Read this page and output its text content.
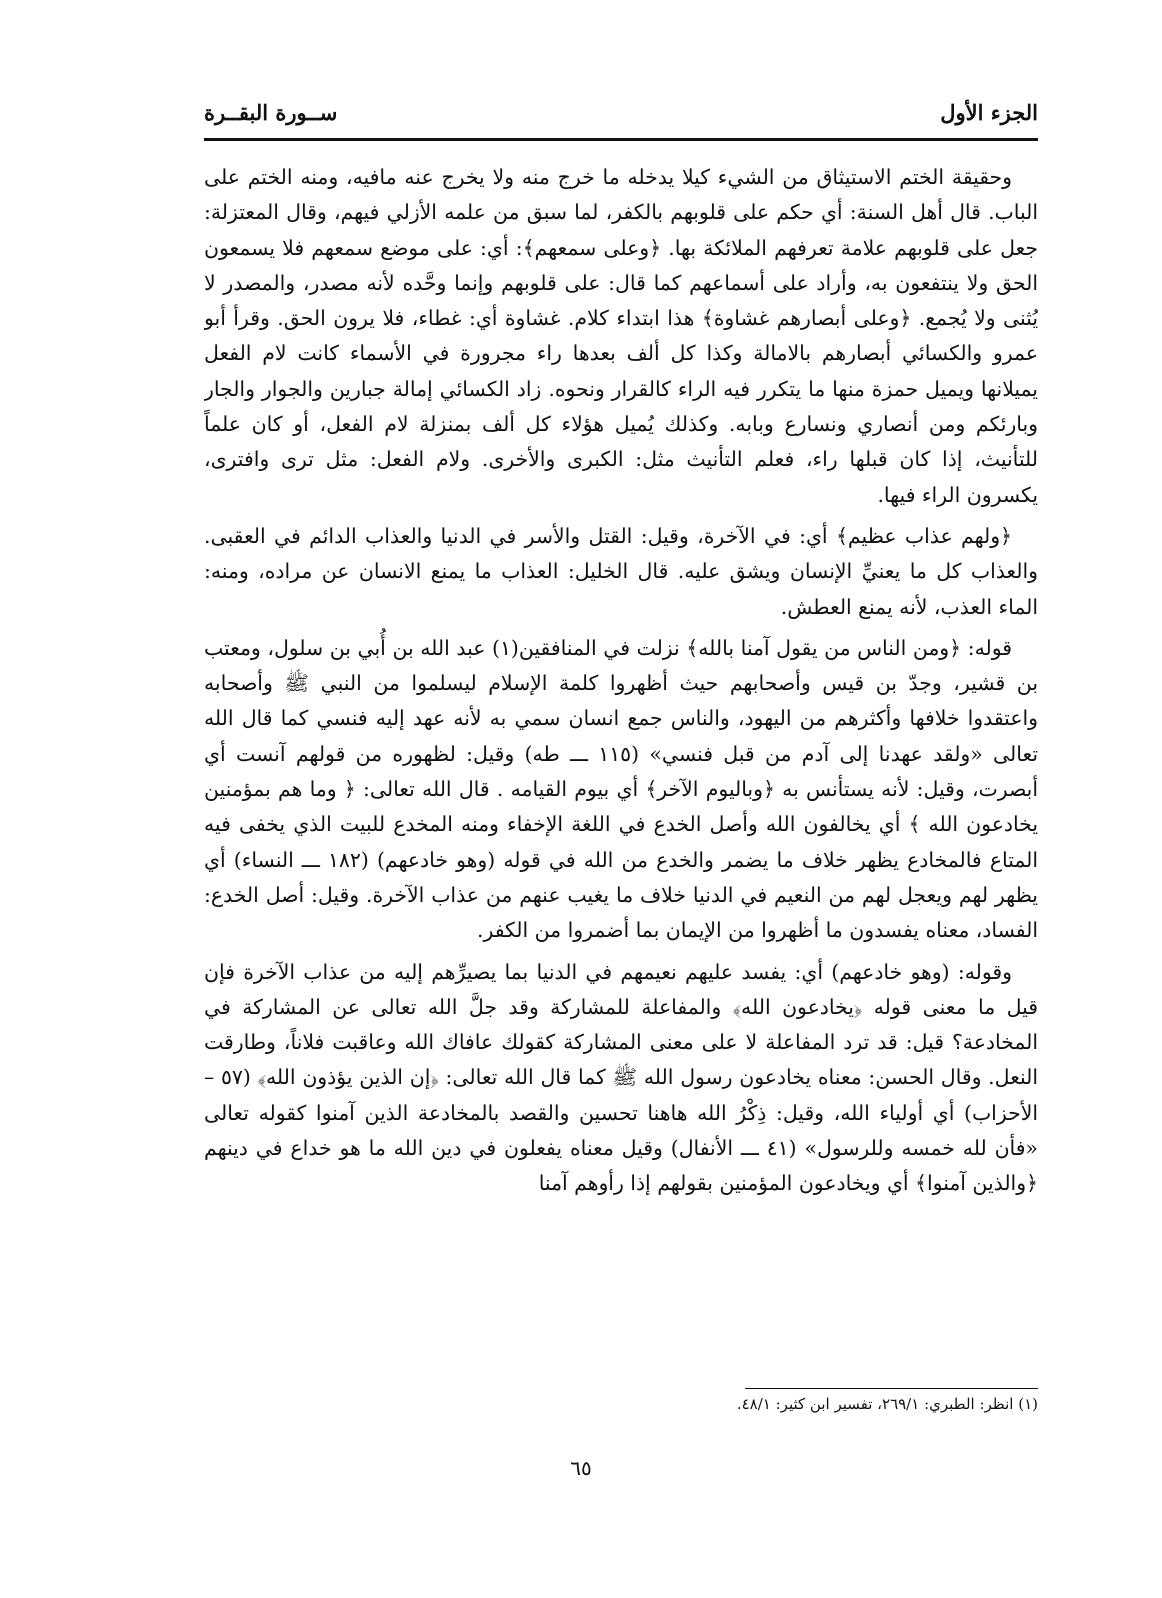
الجزء الأول
ســورة البقــرة

وحقيقة الختم الاستيثاق من الشيء كيلا يدخله ما خرج منه ولا يخرج عنه مافيه، ومنه الختم على الباب. قال أهل السنة: أي حكم على قلوبهم بالكفر، لما سبق من علمه الأزلي فيهم، وقال المعتزلة: جعل على قلوبهم علامة تعرفهم الملائكة بها. ﴿وعلى سمعهم﴾: أي: على موضع سمعهم فلا يسمعون الحق ولا ينتفعون به، وأراد على أسماعهم كما قال: على قلوبهم وإنما وحَّده لأنه مصدر، والمصدر لا يُثنى ولا يُجمع. ﴿وعلى أبصارهم غشاوة﴾ هذا ابتداء كلام. غشاوة أي: غطاء، فلا يرون الحق. وقرأ أبو عمرو والكسائي أبصارهم بالامالة وكذا كل ألف بعدها راء مجرورة في الأسماء كانت لام الفعل يميلانها ويميل حمزة منها ما يتكرر فيه الراء كالقرار ونحوه. زاد الكسائي إمالة جبارين والجوار والجار وبارئكم ومن أنصاري ونسارع وبابه. وكذلك يُميل هؤلاء كل ألف بمنزلة لام الفعل، أو كان علماً للتأنيث، إذا كان قبلها راء، فعلم التأنيث مثل: الكبرى والأخرى. ولام الفعل: مثل ترى وافترى، يكسرون الراء فيها.

﴿ولهم عذاب عظيم﴾ أي: في الآخرة، وقيل: القتل والأسر في الدنيا والعذاب الدائم في العقبى. والعذاب كل ما يعنيِّ الإنسان ويشق عليه. قال الخليل: العذاب ما يمنع الانسان عن مراده، ومنه: الماء العذب، لأنه يمنع العطش.

قوله: ﴿ومن الناس من يقول آمنا بالله﴾ نزلت في المنافقين(١) عبد الله بن أُبي بن سلول، ومعتب بن قشير، وجدّ بن قيس وأصحابهم حيث أظهروا كلمة الإسلام ليسلموا من النبي ﷺ وأصحابه واعتقدوا خلافها وأكثرهم من اليهود، والناس جمع انسان سمي به لأنه عهد إليه فنسي كما قال الله تعالى «ولقد عهدنا إلى آدم من قبل فنسي» (١١٥ ـــ طه) وقيل: لظهوره من قولهم آنست أي أبصرت، وقيل: لأنه يستأنس به ﴿وباليوم الآخر﴾ أي بيوم القيامه . قال الله تعالى: ﴿ وما هم بمؤمنين يخادعون الله ﴾ أي يخالفون الله وأصل الخدع في اللغة الإخفاء ومنه المخدع للبيت الذي يخفى فيه المتاع فالمخادع يظهر خلاف ما يضمر والخدع من الله في قوله (وهو خادعهم) (١٨٢ ـــ النساء) أي يظهر لهم ويعجل لهم من النعيم في الدنيا خلاف ما يغيب عنهم من عذاب الآخرة. وقيل: أصل الخدع: الفساد، معناه يفسدون ما أظهروا من الإيمان بما أضمروا من الكفر.

وقوله: (وهو خادعهم) أي: يفسد عليهم نعيمهم في الدنيا بما يصيرِّهم إليه من عذاب الآخرة فإن قيل ما معنى قوله ﴿يخادعون الله﴾ والمفاعلة للمشاركة وقد جلَّ الله تعالى عن المشاركة في المخادعة؟ قيل: قد ترد المفاعلة لا على معنى المشاركة كقولك عافاك الله وعاقبت فلاناً، وطارقت النعل. وقال الحسن: معناه يخادعون رسول الله ﷺ كما قال الله تعالى: ﴿إن الذين يؤذون الله﴾ (٥٧ – الأحزاب) أي أولياء الله، وقيل: ذِكْرُ الله هاهنا تحسين والقصد بالمخادعة الذين آمنوا كقوله تعالى «فأن لله خمسه وللرسول» (٤١ ـــ الأنفال) وقيل معناه يفعلون في دين الله ما هو خداع في دينهم ﴿والذين آمنوا﴾ أي ويخادعون المؤمنين بقولهم إذا رأوهم آمنا

(١) انظر: الطبري: ٢٦٩/١، تفسير ابن كثير: ٤٨/١.
٦٥
